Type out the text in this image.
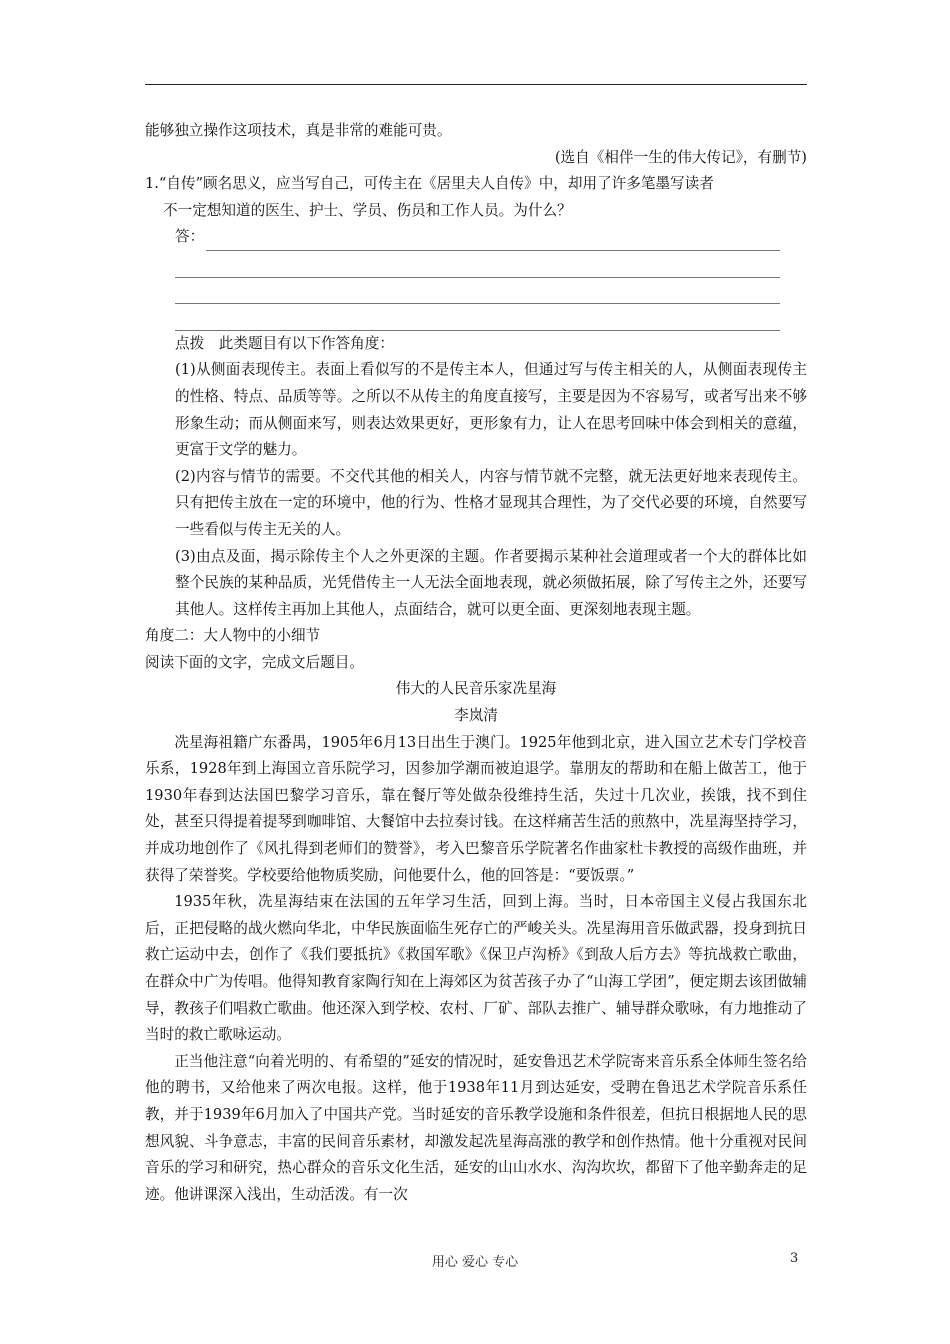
能够独立操作这项技术，真是非常的难能可贵。

(选自《相伴一生的伟大传记》，有删节)

1.“自传”顾名思义，应当写自己，可传主在《居里夫人自传》中，却用了许多笔墨写读者

不一定想知道的医生、护士、学员、伤员和工作人员。为什么？

答：

点拨　此类题目有以下作答角度：

(1)从侧面表现传主。表面上看似写的不是传主本人，但通过写与传主相关的人，从侧面表现传主的性格、特点、品质等等。之所以不从传主的角度直接写，主要是因为不容易写，或者写出来不够形象生动；而从侧面来写，则表达效果更好，更形象有力，让人在思考回味中体会到相关的意蕴，更富于文学的魅力。

(2)内容与情节的需要。不交代其他的相关人，内容与情节就不完整，就无法更好地来表现传主。只有把传主放在一定的环境中，他的行为、性格才显现其合理性，为了交代必要的环境，自然要写一些看似与传主无关的人。

(3)由点及面，揭示除传主个人之外更深的主题。作者要揭示某种社会道理或者一个大的群体比如整个民族的某种品质，光凭借传主一人无法全面地表现，就必须做拓展，除了写传主之外，还要写其他人。这样传主再加上其他人，点面结合，就可以更全面、更深刻地表现主题。

角度二：大人物中的小细节

阅读下面的文字，完成文后题目。

伟大的人民音乐家冼星海

李岚清

冼星海祖籍广东番禺，1905年6月13日出生于澳门。1925年他到北京，进入国立艺术专门学校音乐系，1928年到上海国立音乐院学习，因参加学潮而被迫退学。靠朋友的帮助和在船上做苦工，他于1930年春到达法国巴黎学习音乐，靠在餐厅等处做杂役维持生活，失过十几次业，挨饿，找不到住处，甚至只得提着提琴到咖啡馆、大餐馆中去拉奏讨钱。在这样痛苦生活的煎熬中，冼星海坚持学习，并成功地创作了《风扎得到老师们的赞誉》，考入巴黎音乐学院著名作曲家杜卡教授的高级作曲班，并获得了荣誉奖。学校要给他物质奖励，问他要什么，他的回答是：“要饭票。”

1935年秋，冼星海结束在法国的五年学习生活，回到上海。当时，日本帝国主义侵占我国东北后，正把侵略的战火燃向华北，中华民族面临生死存亡的严峻关头。冼星海用音乐做武器，投身到抗日救亡运动中去，创作了《我们要抵抗》《救国军歌》《保卫卢沟桥》《到敌人后方去》等抗战救亡歌曲，在群众中广为传唱。他得知教育家陶行知在上海郊区为贫苦孩子办了“山海工学团”，便定期去该团做辅导，教孩子们唱救亡歌曲。他还深入到学校、农村、厂矿、部队去推广、辅导群众歌咏，有力地推动了当时的救亡歌咏运动。

正当他注意“向着光明的、有希望的”延安的情况时，延安鲁迅艺术学院寄来音乐系全体师生签名给他的聘书，又给他来了两次电报。这样，他于1938年11月到达延安，受聘在鲁迅艺术学院音乐系任教，并于1939年6月加入了中国共产党。当时延安的音乐教学设施和条件很差，但抗日根据地人民的思想风貌、斗争意志，丰富的民间音乐素材，却激发起冼星海高涨的教学和创作热情。他十分重视对民间音乐的学习和研究，热心群众的音乐文化生活，延安的山山水水、沟沟坎坎，都留下了他辛勤奔走的足迹。他讲课深入浅出，生动活泼。有一次

用心 爱心 专心	3
